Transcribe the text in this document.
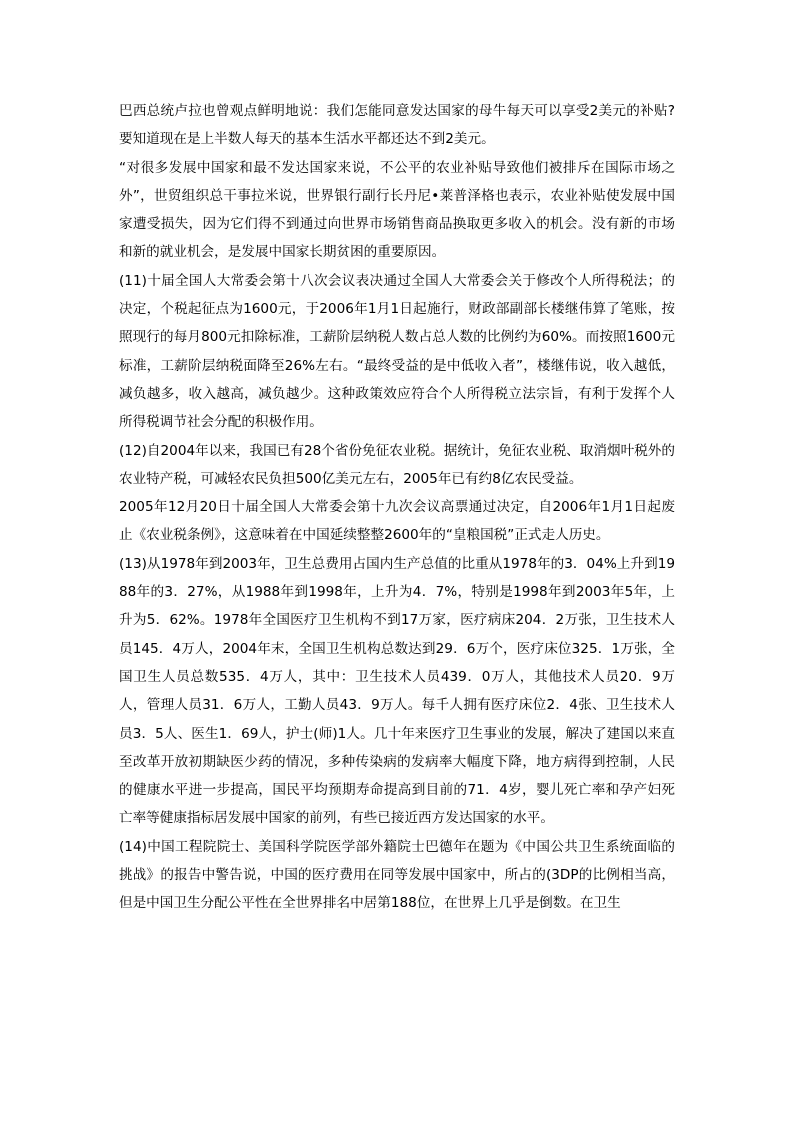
巴西总统卢拉也曾观点鲜明地说：我们怎能同意发达国家的母牛每天可以享受2美元的补贴?要知道现在是上半数人每天的基本生活水平都还达不到2美元。

“对很多发展中国家和最不发达国家来说，不公平的农业补贴导致他们被排斥在国际市场之外”，世贸组织总干事拉米说，世界银行副行长丹尼•莱普泽格也表示，农业补贴使发展中国家遭受损失，因为它们得不到通过向世界市场销售商品换取更多收入的机会。没有新的市场和新的就业机会，是发展中国家长期贫困的重要原因。

(11)十届全国人大常委会第十八次会议表决通过全国人大常委会关于修改个人所得税法；的决定，个税起征点为1600元，于2006年1月1日起施行，财政部副部长楼继伟算了笔账，按照现行的每月800元扣除标准，工薪阶层纳税人数占总人数的比例约为60%。而按照1600元标准，工薪阶层纳税面降至26%左右。“最终受益的是中低收入者”，楼继伟说，收入越低，减负越多，收入越高，减负越少。这种政策效应符合个人所得税立法宗旨，有利于发挥个人所得税调节社会分配的积极作用。

(12)自2004年以来，我国已有28个省份免征农业税。据统计，免征农业税、取消烟叶税外的农业特产税，可减轻农民负担500亿美元左右，2005年已有约8亿农民受益。

2005年12月20日十届全国人大常委会第十九次会议高票通过决定，自2006年1月1日起废止《农业税条例》，这意味着在中国延续整整2600年的“皇粮国税”正式走人历史。

(13)从1978年到2003年，卫生总费用占国内生产总值的比重从1978年的3．04%上升到1988年的3．27%，从1988年到1998年，上升为4．7%，特别是1998年到2003年5年，上升为5．62%。1978年全国医疗卫生机构不到17万家，医疗病床204．2万张，卫生技术人员145．4万人，2004年末，全国卫生机构总数达到29．6万个，医疗床位325．1万张，全国卫生人员总数535．4万人，其中：卫生技术人员439．0万人，其他技术人员20．9万人，管理人员31．6万人，工勤人员43．9万人。每千人拥有医疗床位2．4张、卫生技术人员3．5人、医生1．69人，护士(师)1人。几十年来医疗卫生事业的发展，解决了建国以来直至改革开放初期缺医少药的情况，多种传染病的发病率大幅度下降，地方病得到控制，人民的健康水平进一步提高，国民平均预期寿命提高到目前的71．4岁，婴儿死亡率和孕产妇死亡率等健康指标居发展中国家的前列，有些已接近西方发达国家的水平。

(14)中国工程院院士、美国科学院医学部外籍院士巴德年在题为《中国公共卫生系统面临的挑战》的报告中警告说，中国的医疗费用在同等发展中国家中，所占的(3DP的比例相当高，但是中国卫生分配公平性在全世界排名中居第188位，在世界上几乎是倒数。在卫生
